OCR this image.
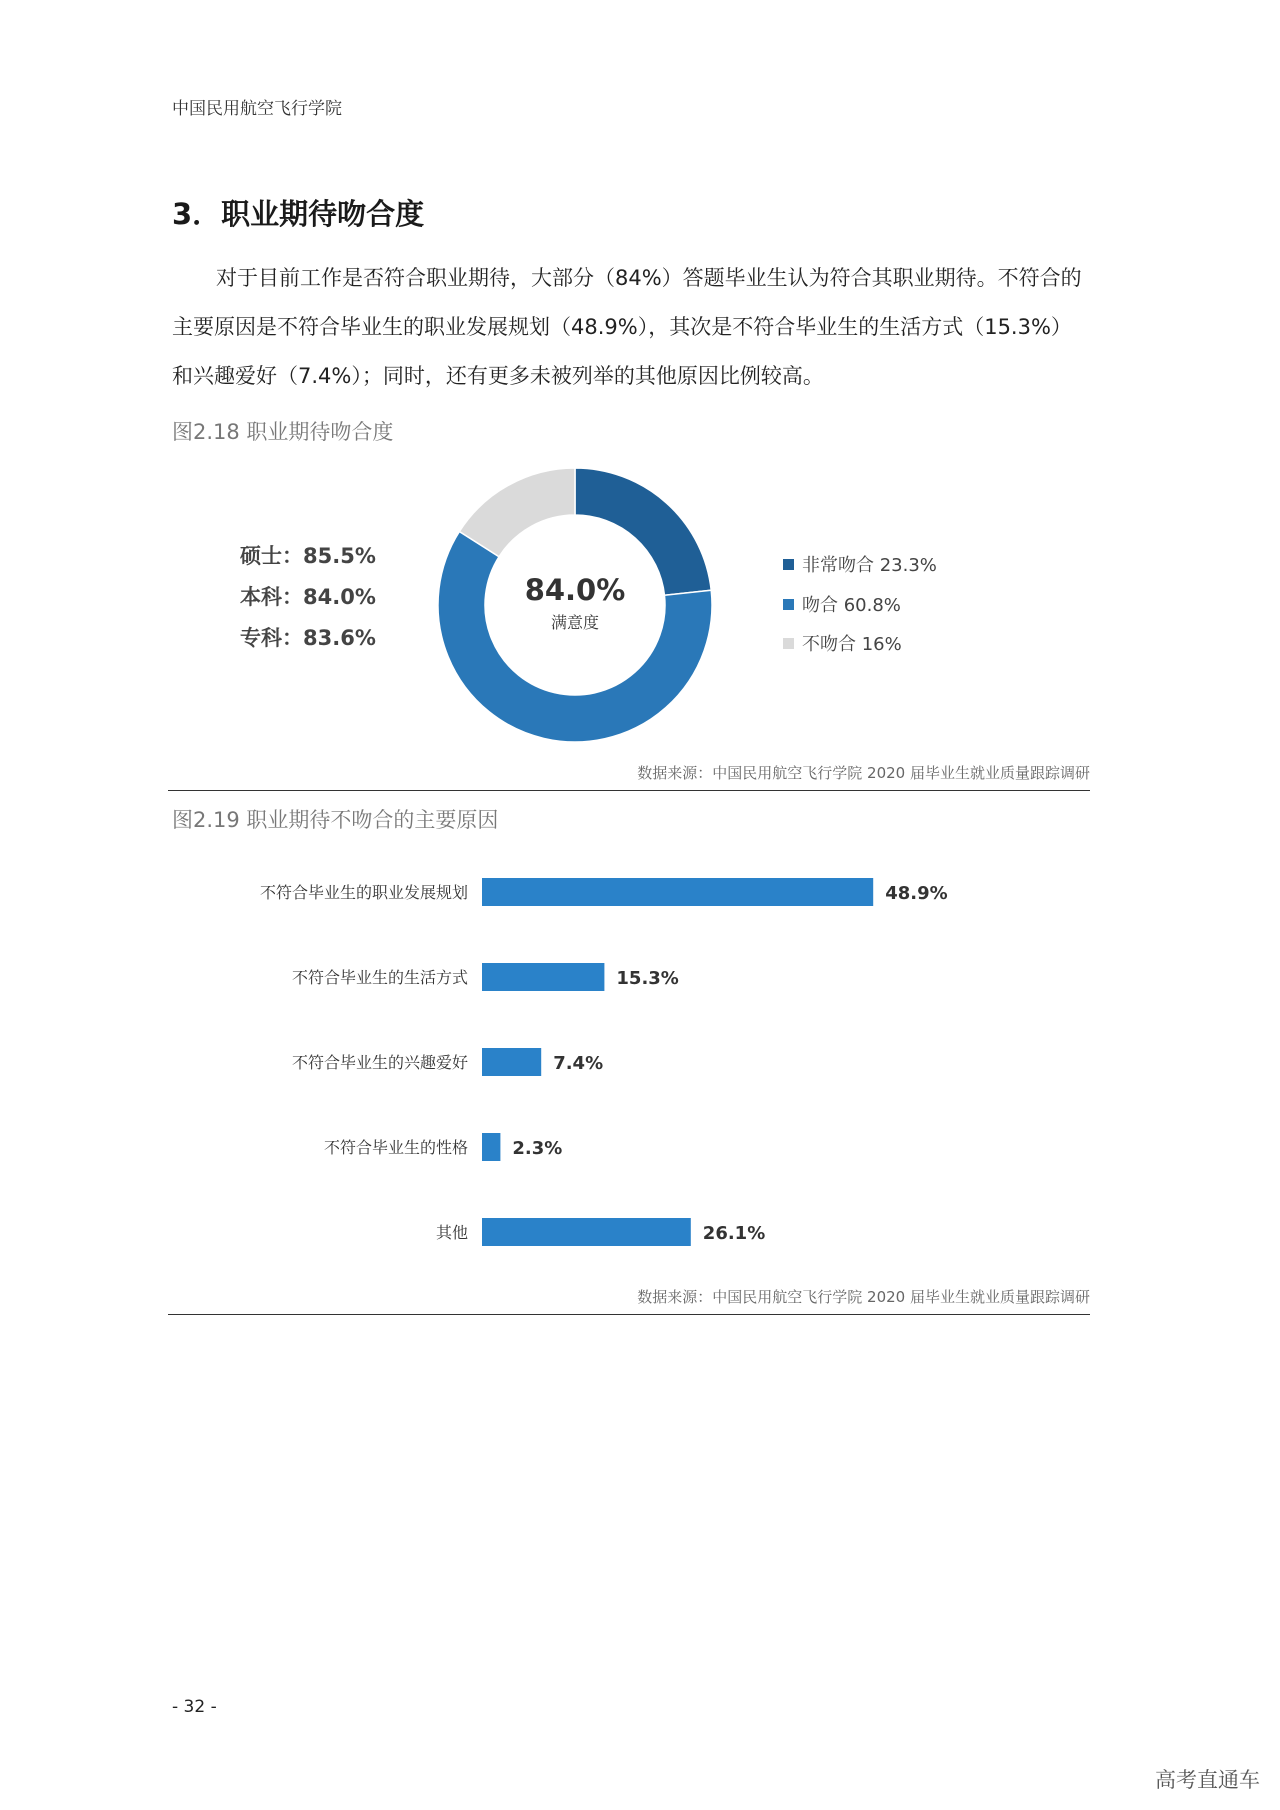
中国民用航空飞行学院
3．职业期待吻合度

对于目前工作是否符合职业期待，大部分（84%）答题毕业生认为符合其职业期待。不符合的主要原因是不符合毕业生的职业发展规划（48.9%），其次是不符合毕业生的生活方式（15.3%）和兴趣爱好（7.4%）；同时，还有更多未被列举的其他原因比例较高。

图2.18 职业期待吻合度
硕士：85.5%
本科：84.0%
专科：83.6%
84.0%
满意度
非常吻合 23.3%
吻合 60.8%
不吻合 16%
数据来源：中国民用航空飞行学院 2020 届毕业生就业质量跟踪调研
图2.19 职业期待不吻合的主要原因
不符合毕业生的职业发展规划	48.9%
不符合毕业生的生活方式	15.3%
不符合毕业生的兴趣爱好	7.4%
不符合毕业生的性格 2.3%
其他	26.1%
数据来源：中国民用航空飞行学院 2020 届毕业生就业质量跟踪调研
- 32 -
高考直通车
